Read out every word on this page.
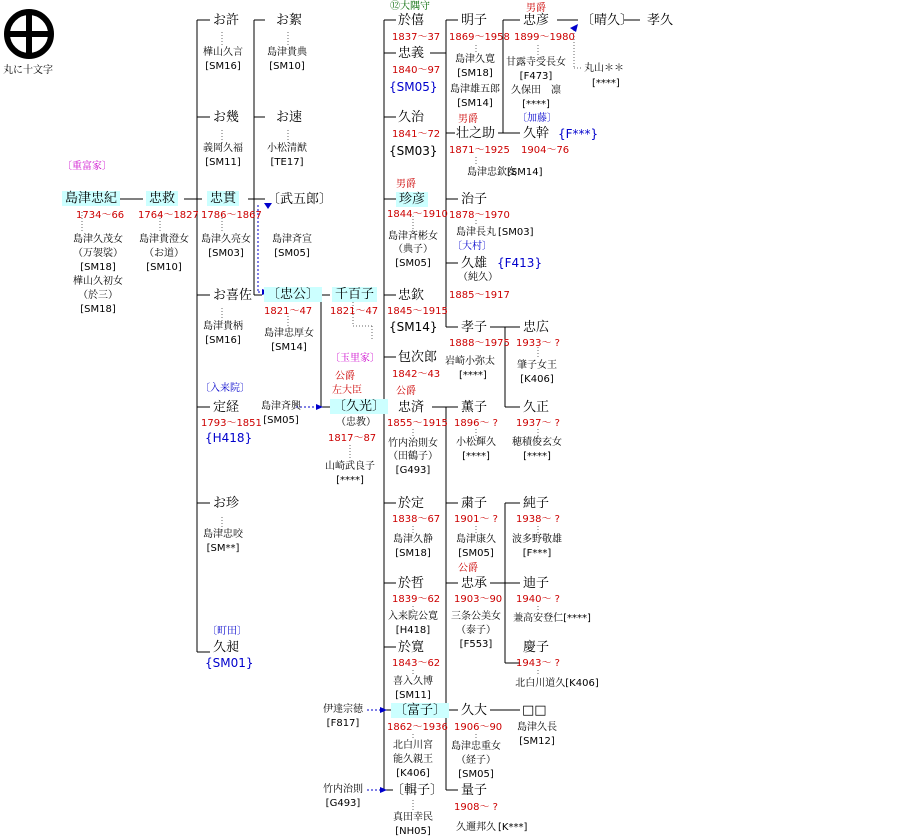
丸に十文字
島津忠紀
1734〜66
島津久茂女
（万袈裟）
[SM18]
樺山久初女
（於三）
[SM18]
〔重富家〕
忠救
1764〜1827
島津貴澄女
（お道）
[SM10]
お許
樺山久言
[SM16]
お幾
義岡久福
[SM11]
忠貫
1786〜1867
島津久亮女
[SM03]
お喜佐
島津貴柄
[SM16]
〔入来院〕
定経
1793〜1851
{H418}
お珍
島津忠咬
[SM**]
〔町田〕
久昶
{SM01}
お絮
島津貴典
[SM10]
お速
小松清猷
[TE17]
〔武五郎〕
島津斉宣
[SM05]
〔忠公〕
1821〜47
島津忠厚女
[SM14]
千百子
1821〜47
〔玉里家〕
公爵
左大臣
〔久光〕
（忠教）
1817〜87
山崎武良子
[****]
島津斉興
[SM05]
⑫大隅守
於僖
1837〜37
忠義
1840〜97
{SM05}
久治
1841〜72
{SM03}
男爵
珍彦
1844〜1910
島津斉彬女
（典子）
[SM05]
忠欽
1845〜1915
{SM14}
包次郎
1842〜43
公爵
忠済
1855〜1915
竹内治則女
（田鶴子）
[G493]
於定
1838〜67
島津久静
[SM18]
於哲
1839〜62
入来院公寛
[H418]
於寛
1843〜62
喜入久博
[SM11]
〔富子〕
1862〜1936
北白川宮
能久親王
[K406]
伊達宗徳
[F817]
〔輯子〕
真田幸民
[NH05]
竹内治則
[G493]
明子
1869〜1958
島津久寛
[SM18]
島津雄五郎
[SM14]
男爵
壮之助
1871〜1925
島津忠欽女
[SM14]
治子
1878〜1970
島津長丸 [SM03]
〔大村〕
久雄
（純久）
1885〜1917
{F413}
孝子
1888〜1975
岩崎小弥太
[****]
薫子
1896〜 ?
小松輝久
[****]
粛子
1901〜 ?
島津康久
[SM05]
公爵
忠承
1903〜90
三条公美女
（泰子）
[F553]
久大
1906〜90
島津忠重女
（経子）
[SM05]
量子
1908〜 ?
久邇邦久 [K***]
男爵
忠彦
1899〜1980
甘露寺受長女
[F473]
久保田　凛
[****]
〔加藤〕
久幹
1904〜76
{F***}
〔晴久〕 孝久
丸山＊＊
[****]
忠広
1933〜 ?
肇子女王
[K406]
久正
1937〜 ?
穂積俊玄女
[****]
純子
1938〜 ?
波多野敬雄
[F***]
迪子
1940〜 ?
兼高安登仁[****]
慶子
1943〜 ?
北白川道久[K406]
□□
島津久長
[SM12]
